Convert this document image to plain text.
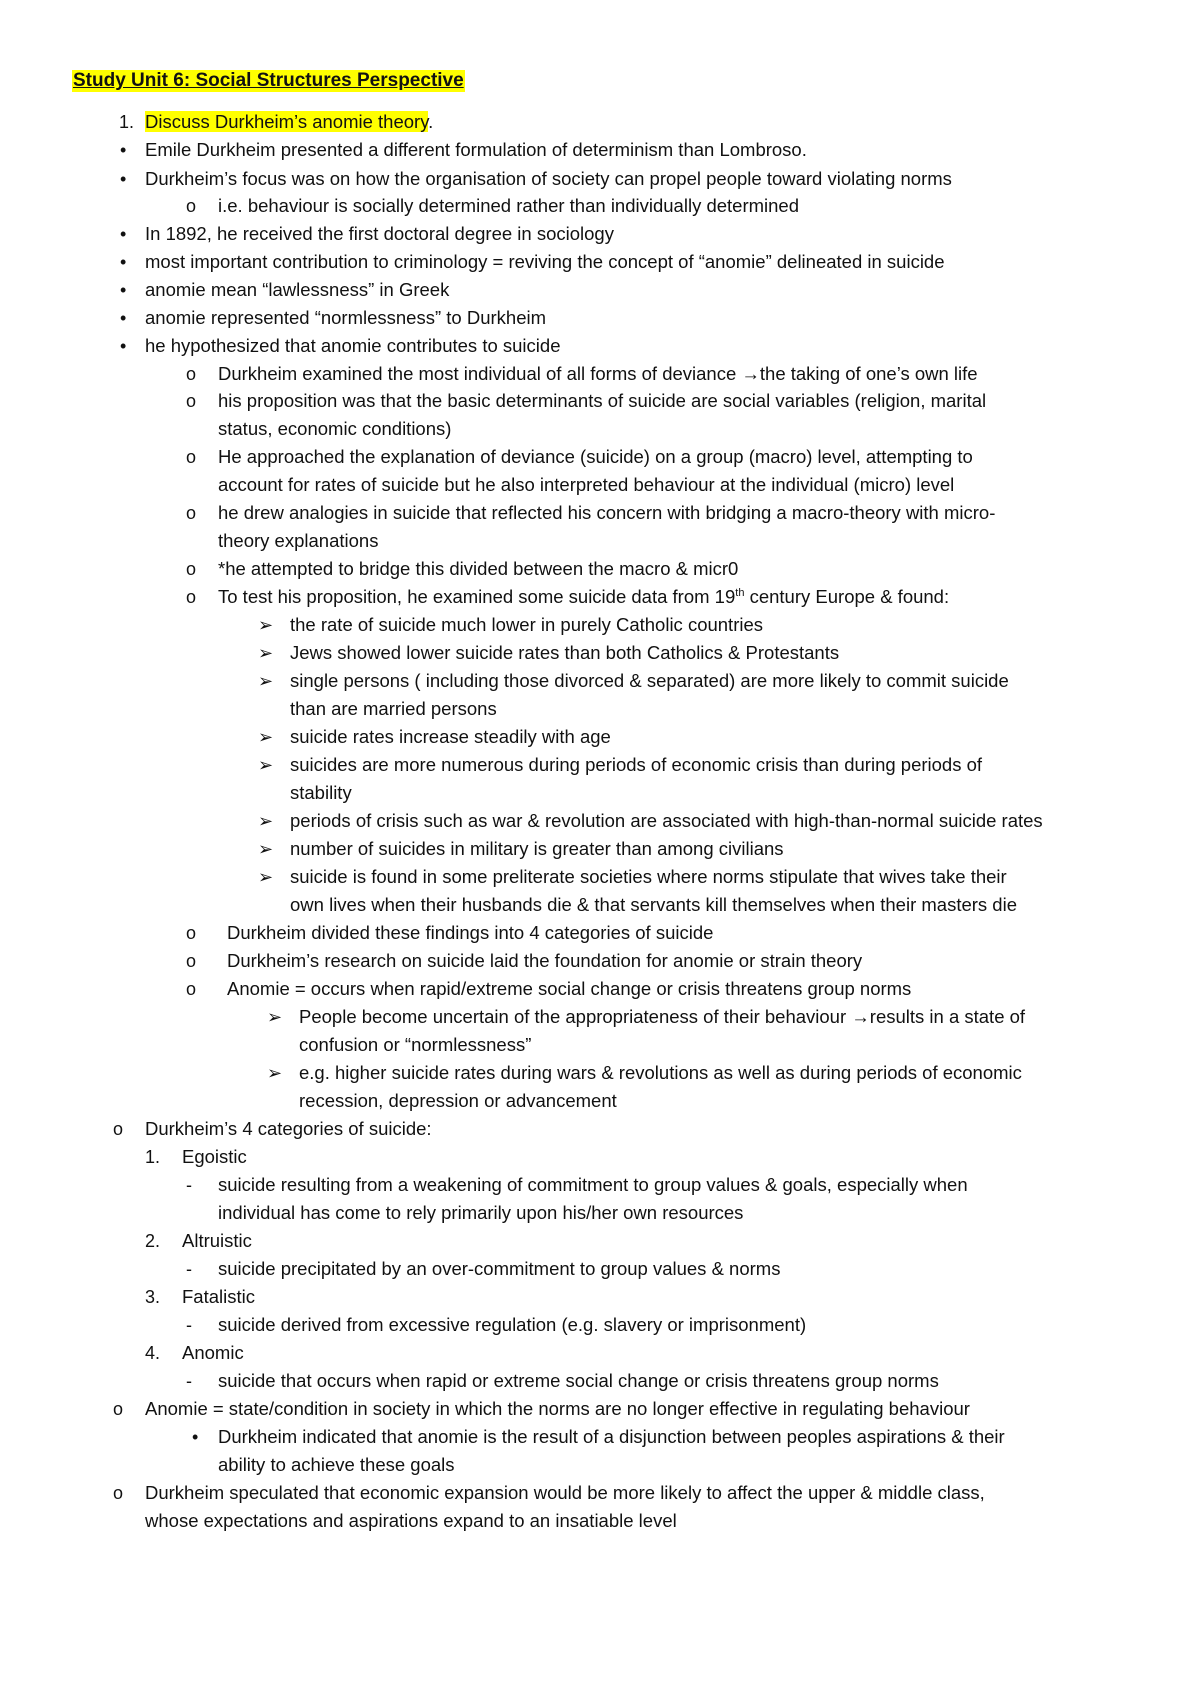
Study Unit 6: Social Structures Perspective
1. Discuss Durkheim’s anomie theory.
• Emile Durkheim presented a different formulation of determinism than Lombroso.
• Durkheim’s focus was on how the organisation of society can propel people toward violating norms
o i.e. behaviour is socially determined rather than individually determined
• In 1892, he received the first doctoral degree in sociology
• most important contribution to criminology = reviving the concept of “anomie” delineated in suicide
• anomie mean “lawlessness” in Greek
• anomie represented “normlessness” to Durkheim
• he hypothesized that anomie contributes to suicide
o Durkheim examined the most individual of all forms of deviance →the taking of one’s own life
o his proposition was that the basic determinants of suicide are social variables (religion, marital
status, economic conditions)
o He approached the explanation of deviance (suicide) on a group (macro) level, attempting to
account for rates of suicide but he also interpreted behaviour at the individual (micro) level
o he drew analogies in suicide that reflected his concern with bridging a macro-theory with micro-
theory explanations
o *he attempted to bridge this divided between the macro & micr0
o To test his proposition, he examined some suicide data from 19th century Europe & found:
➢ the rate of suicide much lower in purely Catholic countries
➢ Jews showed lower suicide rates than both Catholics & Protestants
➢ single persons ( including those divorced & separated) are more likely to commit suicide
than are married persons
➢ suicide rates increase steadily with age
➢ suicides are more numerous during periods of economic crisis than during periods of
stability
➢ periods of crisis such as war & revolution are associated with high-than-normal suicide rates
➢ number of suicides in military is greater than among civilians
➢ suicide is found in some preliterate societies where norms stipulate that wives take their
own lives when their husbands die & that servants kill themselves when their masters die
o Durkheim divided these findings into 4 categories of suicide
o Durkheim’s research on suicide laid the foundation for anomie or strain theory
o Anomie = occurs when rapid/extreme social change or crisis threatens group norms
➢ People become uncertain of the appropriateness of their behaviour →results in a state of
confusion or “normlessness”
➢ e.g. higher suicide rates during wars & revolutions as well as during periods of economic
recession, depression or advancement
o Durkheim’s 4 categories of suicide:
1. Egoistic
- suicide resulting from a weakening of commitment to group values & goals, especially when
individual has come to rely primarily upon his/her own resources
2. Altruistic
- suicide precipitated by an over-commitment to group values & norms
3. Fatalistic
- suicide derived from excessive regulation (e.g. slavery or imprisonment)
4. Anomic
- suicide that occurs when rapid or extreme social change or crisis threatens group norms
o Anomie = state/condition in society in which the norms are no longer effective in regulating behaviour
• Durkheim indicated that anomie is the result of a disjunction between peoples aspirations & their
ability to achieve these goals
o Durkheim speculated that economic expansion would be more likely to affect the upper & middle class,
whose expectations and aspirations expand to an insatiable level
